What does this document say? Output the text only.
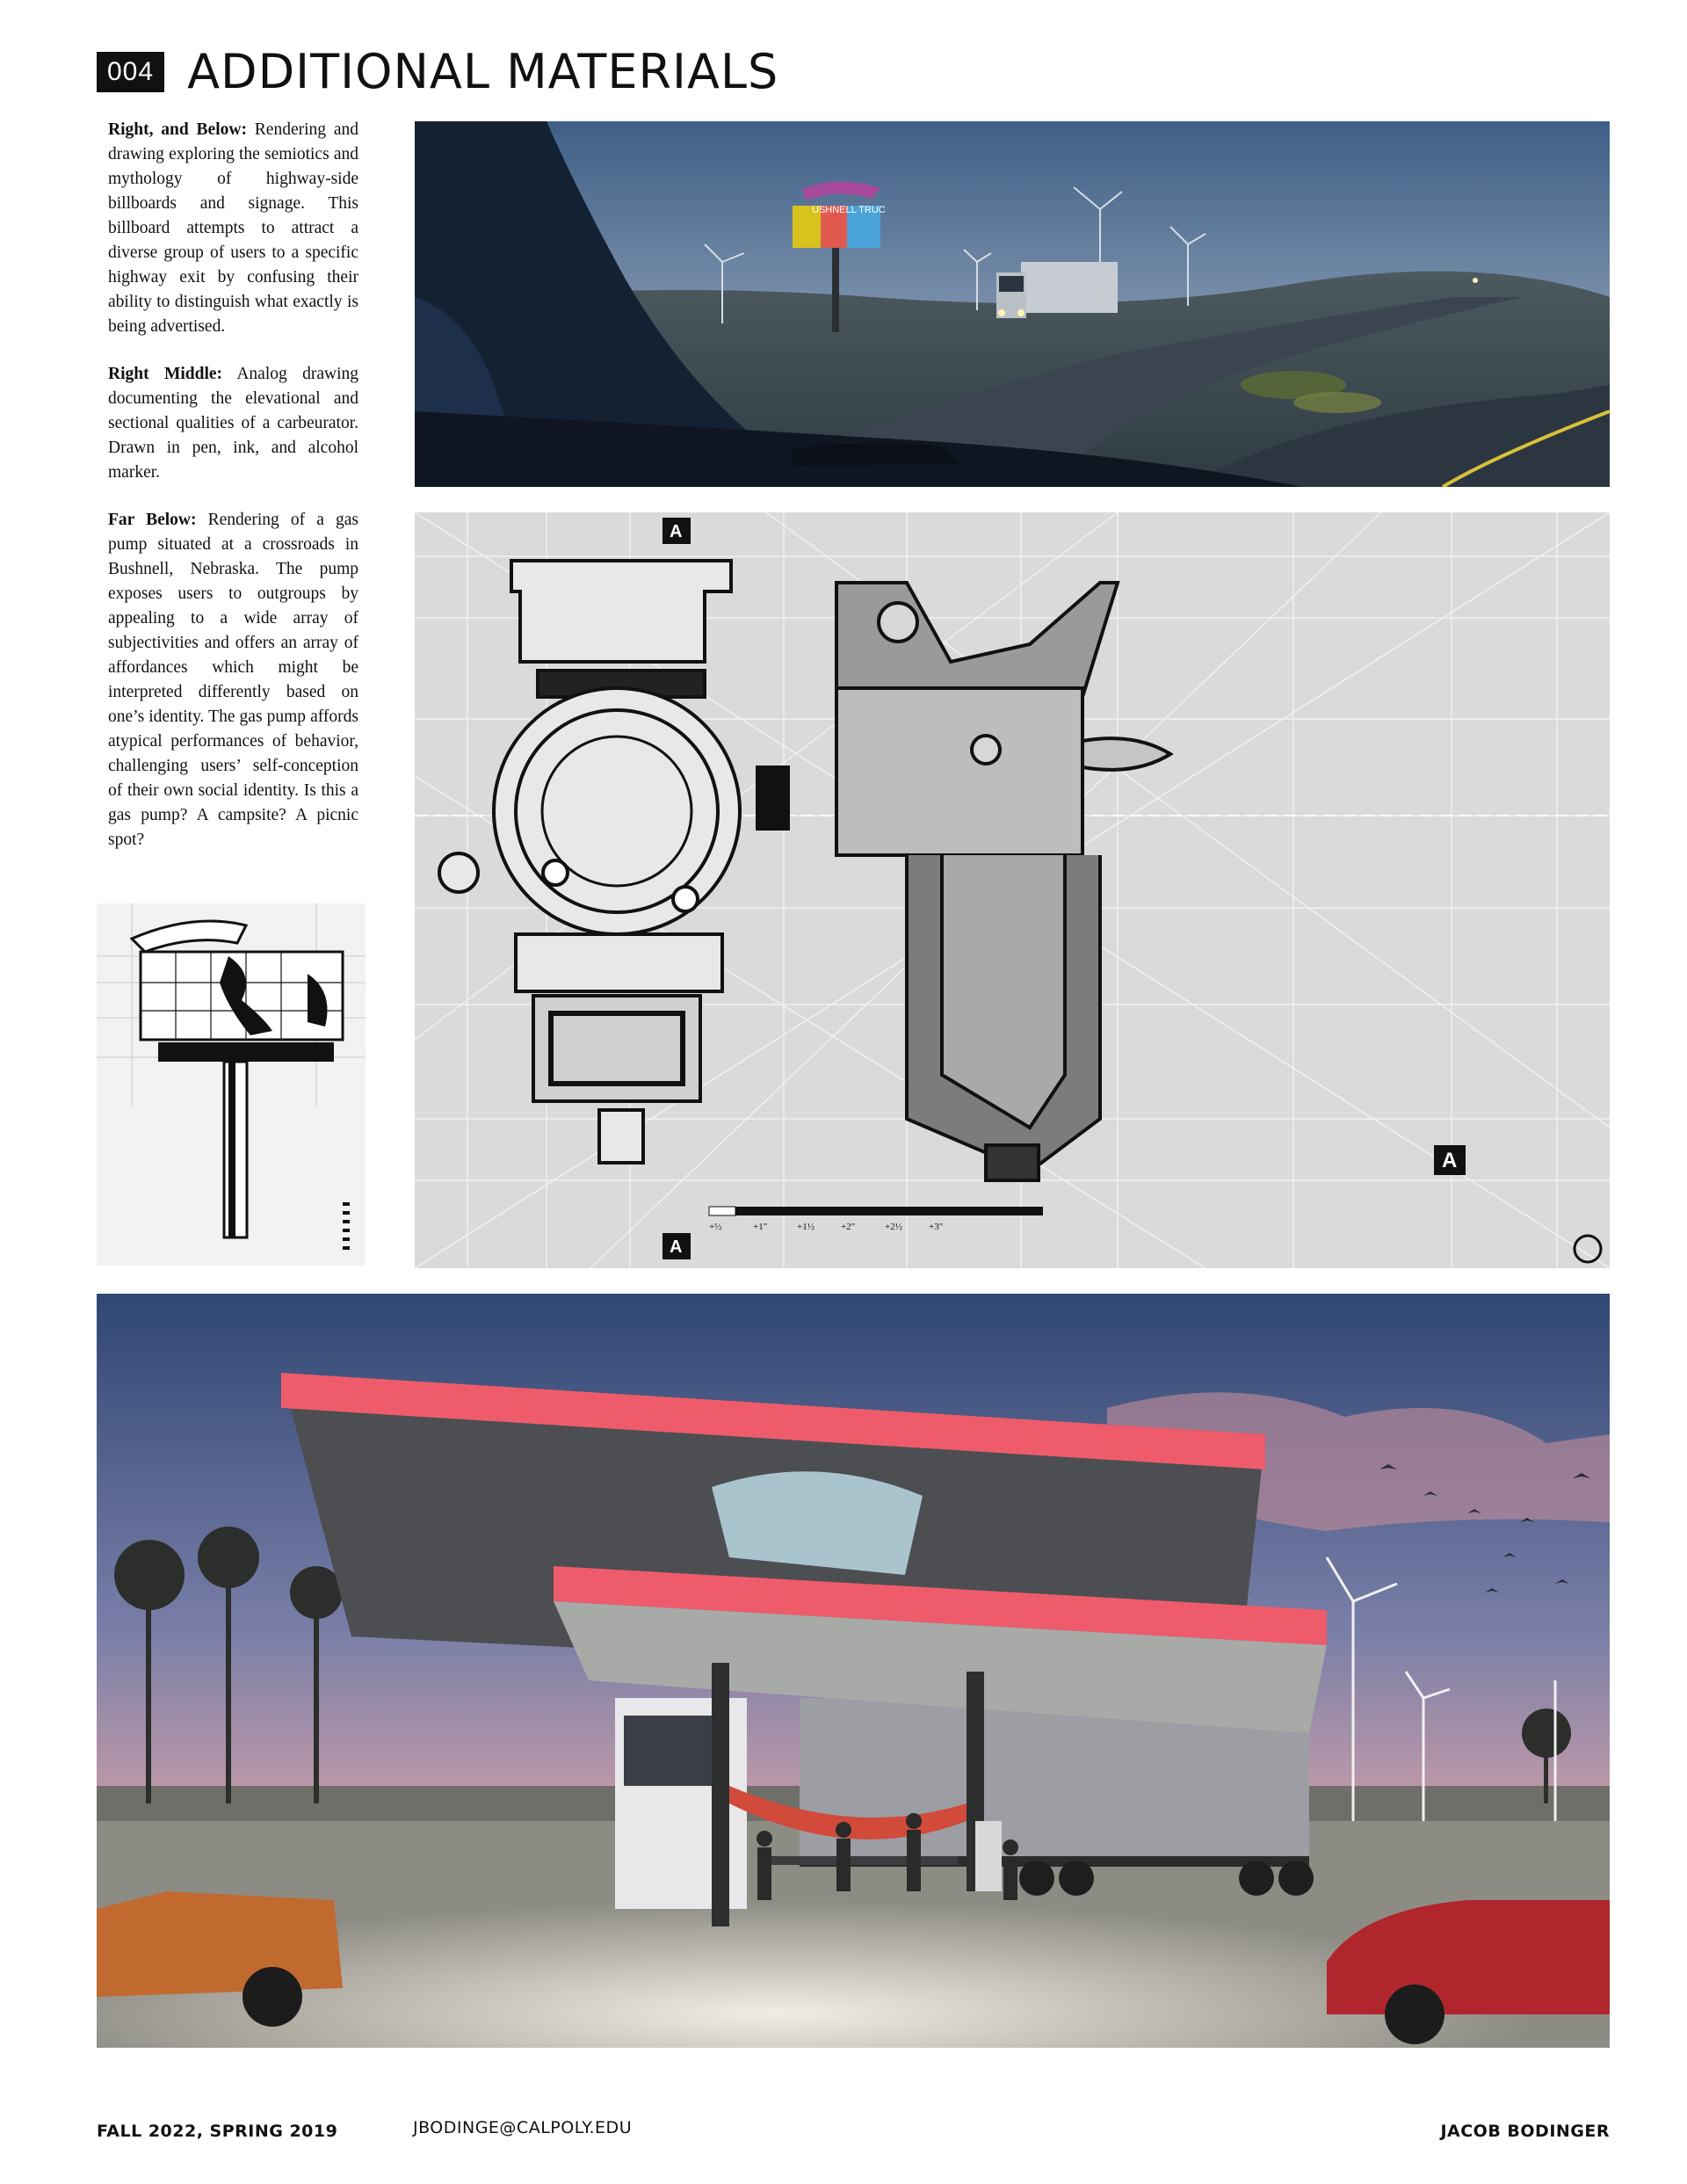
004 ADDITIONAL MATERIALS

Right, and Below: Rendering and drawing exploring the semiotics and mythology of highway-side billboards and signage. This billboard attempts to attract a diverse group of users to a specific highway exit by confusing their ability to distinguish what exactly is being advertised.

Right Middle: Analog drawing documenting the elevational and sectional qualities of a carbeurator. Drawn in pen, ink, and alcohol marker.

Far Below: Rendering of a gas pump situated at a crossroads in Bushnell, Nebraska. The pump exposes users to outgroups by appealing to a wide array of subjectivities and offers an array of affordances which might be interpreted differently based on one’s identity. The gas pump affords atypical performances of behavior, challenging users’ self-conception of their own social identity. Is this a gas pump? A campsite? A picnic spot?

USHNELL TRUC
A
A
A
+½	+1"	+1½	+2"	+2½	+3"
FALL 2022, SPRING 2019	JBODINGE@CALPOLY.EDU	JACOB BODINGER
